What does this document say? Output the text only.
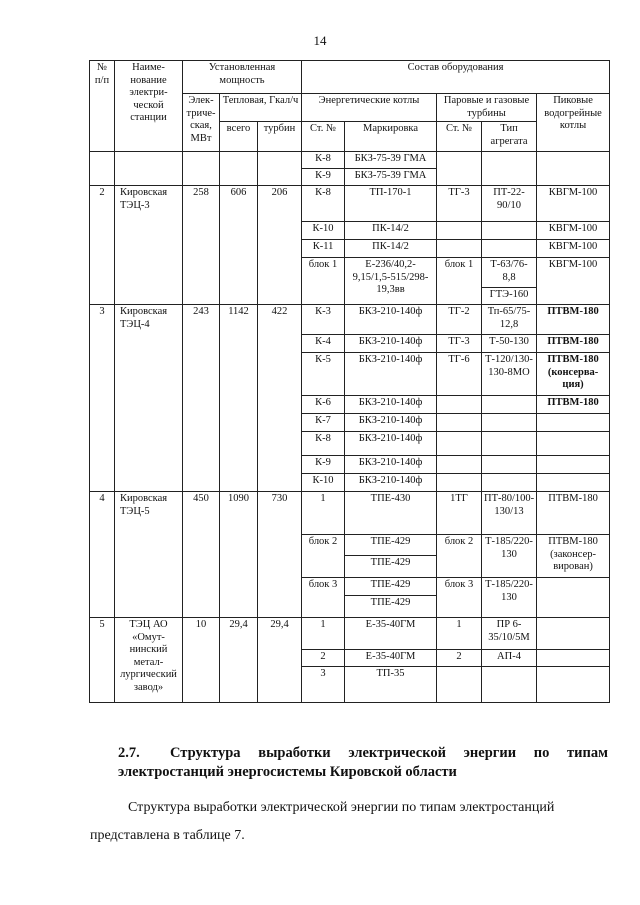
14
№ п/п	Наиме-нование электри-ческой станции	Установленная мощность			Состав оборудования				
		Элек-триче-ская, МВт	Тепловая, Гкал/ч		Энергетические котлы		Паровые и газовые турбины		Пиковые водогрейные котлы
			всего	турбин	Ст. №	Маркировка	Ст. №	Тип агрегата	
					К-8	БКЗ-75-39 ГМА			
					К-9	БКЗ-75-39 ГМА			
2	Кировская ТЭЦ-3	258	606	206	К-8	ТП-170-1	ТГ-3	ПТ-22-90/10	КВГМ-100
					К-10	ПК-14/2			КВГМ-100
					К-11	ПК-14/2			КВГМ-100
					блок 1	Е-236/40,2-9,15/1,5-515/298-19,3вв	блок 1	Т-63/76-8,8	КВГМ-100
								ГТЭ-160	
3	Кировская ТЭЦ-4	243	1142	422	К-3	БКЗ-210-140ф	ТГ-2	Тп-65/75-12,8	ПТВМ-180
					К-4	БКЗ-210-140ф	ТГ-3	Т-50-130	ПТВМ-180
					К-5	БКЗ-210-140ф	ТГ-6	Т-120/130-130-8МО	ПТВМ-180 (консерва-ция)
					К-6	БКЗ-210-140ф			ПТВМ-180
					К-7	БКЗ-210-140ф			
					К-8	БКЗ-210-140ф			
					К-9	БКЗ-210-140ф			
					К-10	БКЗ-210-140ф			
4	Кировская ТЭЦ-5	450	1090	730	1	ТПЕ-430	1ТГ	ПТ-80/100-130/13	ПТВМ-180
					блок 2	ТПЕ-429	блок 2	Т-185/220-130	ПТВМ-180 (законсер-вирован)
						ТПЕ-429			
					блок 3	ТПЕ-429	блок 3	Т-185/220-130	
						ТПЕ-429			
5	ТЭЦ АО «Омут-нинский метал-лургический завод»	10	29,4	29,4	1	Е-35-40ГМ	1	ПР 6-35/10/5М	
					2	Е-35-40ГМ	2	АП-4	
					3	ТП-35			
2.7. Структура выработки электрической энергии по типам электростанций энергосистемы Кировской области
Структура выработки электрической энергии по типам электростанций
представлена в таблице 7.
